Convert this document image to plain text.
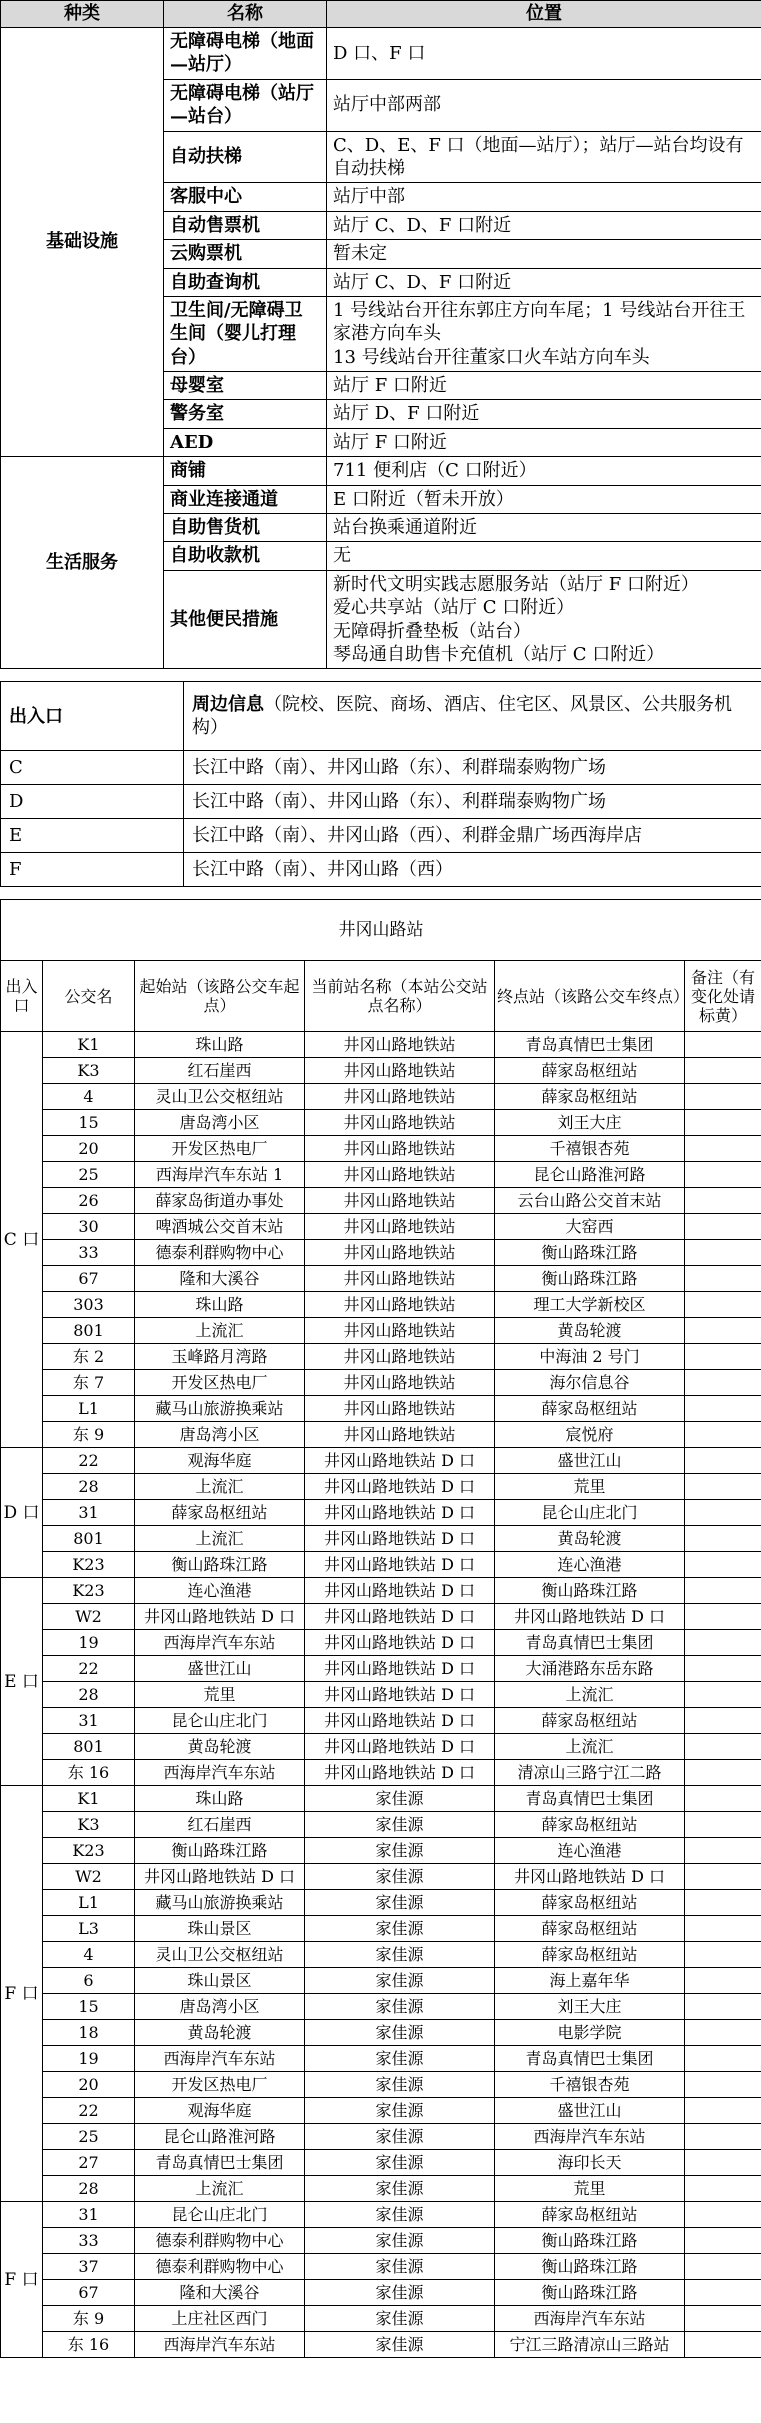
种类	名称	位置
基础设施	无障碍电梯（地面—站厅）	D 口、F 口
	无障碍电梯（站厅—站台）	站厅中部两部
	自动扶梯	C、D、E、F 口（地面—站厅）；站厅—站台均设有自动扶梯
	客服中心	站厅中部
	自动售票机	站厅 C、D、F 口附近
	云购票机	暂未定
	自助查询机	站厅 C、D、F 口附近
	卫生间/无障碍卫生间（婴儿打理台）	1 号线站台开往东郭庄方向车尾；1 号线站台开往王家港方向车头
13 号线站台开往董家口火车站方向车头
	母婴室	站厅 F 口附近
	警务室	站厅 D、F 口附近
	AED	站厅 F 口附近
生活服务	商铺	711 便利店（C 口附近）
	商业连接通道	E 口附近（暂未开放）
	自助售货机	站台换乘通道附近
	自助收款机	无
	其他便民措施	新时代文明实践志愿服务站（站厅 F 口附近）
爱心共享站（站厅 C 口附近）
无障碍折叠垫板（站台）
琴岛通自助售卡充值机（站厅 C 口附近）
出入口	周边信息（院校、医院、商场、酒店、住宅区、风景区、公共服务机构）
C	长江中路（南）、井冈山路（东）、利群瑞泰购物广场
D	长江中路（南）、井冈山路（东）、利群瑞泰购物广场
E	长江中路（南）、井冈山路（西）、利群金鼎广场西海岸店
F	长江中路（南）、井冈山路（西）
井冈山路站					
出入口	公交名	起始站（该路公交车起点）	当前站名称（本站公交站点名称）	终点站（该路公交车终点）	备注（有变化处请标黄）
C 口	K1	珠山路	井冈山路地铁站	青岛真情巴士集团	
	K3	红石崖西	井冈山路地铁站	薛家岛枢纽站	
	4	灵山卫公交枢纽站	井冈山路地铁站	薛家岛枢纽站	
	15	唐岛湾小区	井冈山路地铁站	刘王大庄	
	20	开发区热电厂	井冈山路地铁站	千禧银杏苑	
	25	西海岸汽车东站 1	井冈山路地铁站	昆仑山路淮河路	
	26	薛家岛街道办事处	井冈山路地铁站	云台山路公交首末站	
	30	啤酒城公交首末站	井冈山路地铁站	大窑西	
	33	德泰利群购物中心	井冈山路地铁站	衡山路珠江路	
	67	隆和大溪谷	井冈山路地铁站	衡山路珠江路	
	303	珠山路	井冈山路地铁站	理工大学新校区	
	801	上流汇	井冈山路地铁站	黄岛轮渡	
	东 2	玉峰路月湾路	井冈山路地铁站	中海油 2 号门	
	东 7	开发区热电厂	井冈山路地铁站	海尔信息谷	
	L1	藏马山旅游换乘站	井冈山路地铁站	薛家岛枢纽站	
	东 9	唐岛湾小区	井冈山路地铁站	宸悦府	
D 口	22	观海华庭	井冈山路地铁站 D 口	盛世江山	
	28	上流汇	井冈山路地铁站 D 口	荒里	
	31	薛家岛枢纽站	井冈山路地铁站 D 口	昆仑山庄北门	
	801	上流汇	井冈山路地铁站 D 口	黄岛轮渡	
	K23	衡山路珠江路	井冈山路地铁站 D 口	连心渔港	
E 口	K23	连心渔港	井冈山路地铁站 D 口	衡山路珠江路	
	W2	井冈山路地铁站 D 口	井冈山路地铁站 D 口	井冈山路地铁站 D 口	
	19	西海岸汽车东站	井冈山路地铁站 D 口	青岛真情巴士集团	
	22	盛世江山	井冈山路地铁站 D 口	大涌港路东岳东路	
	28	荒里	井冈山路地铁站 D 口	上流汇	
	31	昆仑山庄北门	井冈山路地铁站 D 口	薛家岛枢纽站	
	801	黄岛轮渡	井冈山路地铁站 D 口	上流汇	
	东 16	西海岸汽车东站	井冈山路地铁站 D 口	清凉山三路宁江二路	
F 口	K1	珠山路	家佳源	青岛真情巴士集团	
	K3	红石崖西	家佳源	薛家岛枢纽站	
	K23	衡山路珠江路	家佳源	连心渔港	
	W2	井冈山路地铁站 D 口	家佳源	井冈山路地铁站 D 口	
	L1	藏马山旅游换乘站	家佳源	薛家岛枢纽站	
	L3	珠山景区	家佳源	薛家岛枢纽站	
	4	灵山卫公交枢纽站	家佳源	薛家岛枢纽站	
	6	珠山景区	家佳源	海上嘉年华	
	15	唐岛湾小区	家佳源	刘王大庄	
	18	黄岛轮渡	家佳源	电影学院	
	19	西海岸汽车东站	家佳源	青岛真情巴士集团	
	20	开发区热电厂	家佳源	千禧银杏苑	
	22	观海华庭	家佳源	盛世江山	
	25	昆仑山路淮河路	家佳源	西海岸汽车东站	
	27	青岛真情巴士集团	家佳源	海印长天	
	28	上流汇	家佳源	荒里	
F 口	31	昆仑山庄北门	家佳源	薛家岛枢纽站	
	33	德泰利群购物中心	家佳源	衡山路珠江路	
	37	德泰利群购物中心	家佳源	衡山路珠江路	
	67	隆和大溪谷	家佳源	衡山路珠江路	
	东 9	上庄社区西门	家佳源	西海岸汽车东站	
	东 16	西海岸汽车东站	家佳源	宁江三路清凉山三路站	
